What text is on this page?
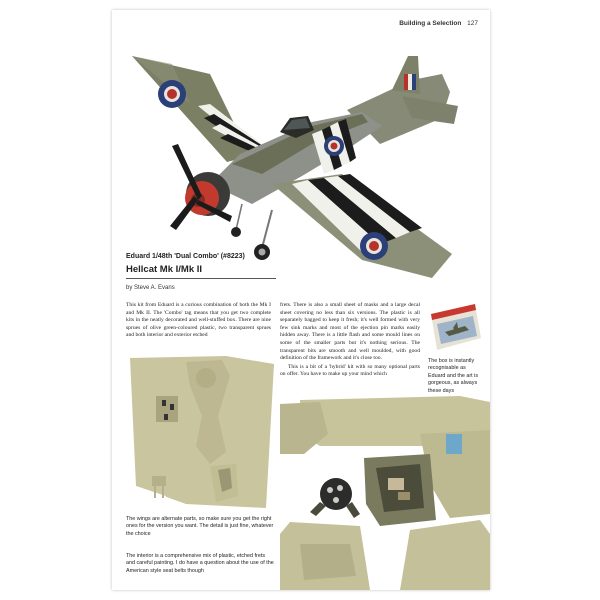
Building a Selection 127
Eduard 1/48th 'Dual Combo' (#8223)
Hellcat Mk I/Mk II
by Steve A. Evans
This kit from Eduard is a curious combination of both the Mk I and Mk II. The 'Combo' tag means that you get two complete kits in the neatly decorated and well-stuffed box. There are nine sprues of olive green-coloured plastic, two transparent sprues and both interior and exterior etched

frets. There is also a small sheet of masks and a large decal sheet covering no less than six versions. The plastic is all separately bagged to keep it fresh; it's well formed with very few sink marks and most of the ejection pin marks easily hidden away. There is a little flash and some mould lines on some of the smaller parts but it's nothing serious. The transparent bits are smooth and well moulded, with good definition of the framework and it's close too.

This is a bit of a 'hybrid' kit with so many optional parts on offer. You have to make up your mind which

The box is instantly recognisable as Eduard and the art is gorgeous, as always these days
The wings are alternate parts, so make sure you get the right ones for the version you want. The detail is just fine, whatever the choice
The interior is a comprehensive mix of plastic, etched frets and careful painting. I do have a question about the use of the American style seat belts though
